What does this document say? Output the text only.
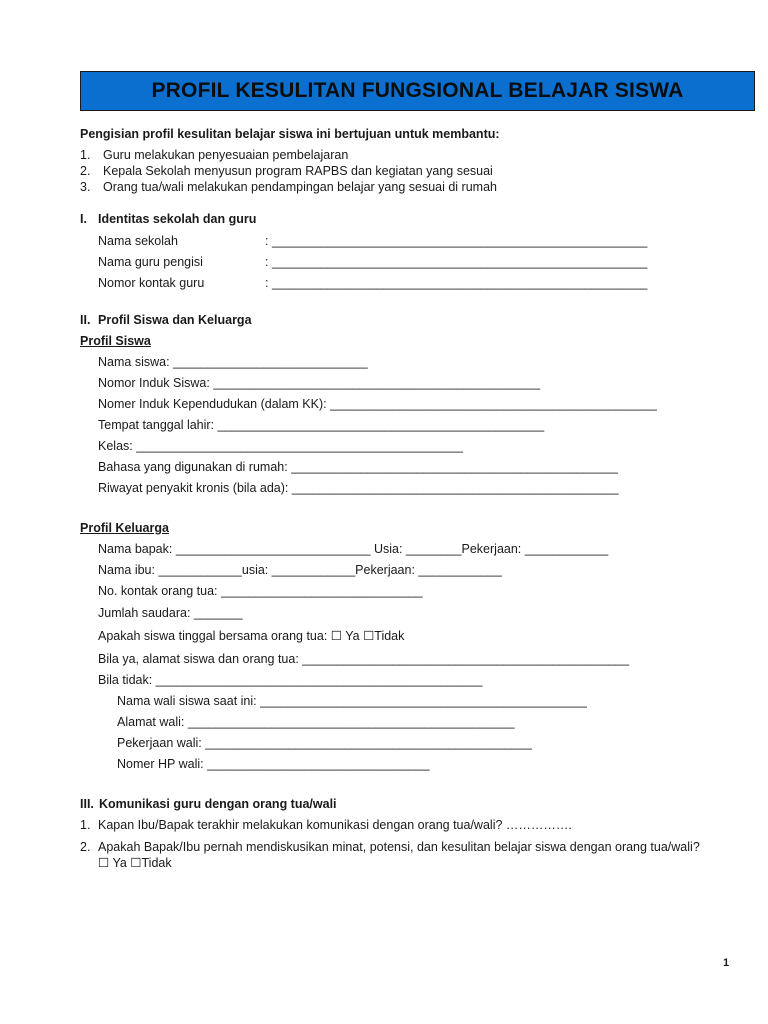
PROFIL KESULITAN FUNGSIONAL BELAJAR SISWA
Pengisian profil kesulitan belajar siswa ini bertujuan untuk membantu:
1. Guru melakukan penyesuaian pembelajaran
2. Kepala Sekolah menyusun program RAPBS dan kegiatan yang sesuai
3. Orang tua/wali melakukan pendampingan belajar yang sesuai di rumah
I. Identitas sekolah dan guru
Nama sekolah	: ______________________________________________________
Nama guru pengisi	: ______________________________________________________
Nomor kontak guru	: ______________________________________________________
II. Profil Siswa dan Keluarga
Profil Siswa
Nama siswa: ____________________________
Nomor Induk Siswa: _______________________________________________
Nomer Induk Kependudukan (dalam KK): _______________________________________________
Tempat tanggal lahir: _______________________________________________
Kelas: _______________________________________________
Bahasa yang digunakan di rumah: _______________________________________________
Riwayat penyakit kronis (bila ada): _______________________________________________
Profil Keluarga
Nama bapak: ____________________________ Usia: ________Pekerjaan: ____________
Nama ibu: ____________usia: ____________Pekerjaan: ____________
No. kontak orang tua: _____________________________
Jumlah saudara: _______
Apakah siswa tinggal bersama orang tua: ☐ Ya ☐Tidak
Bila ya, alamat siswa dan orang tua: _______________________________________________
Bila tidak: _______________________________________________
Nama wali siswa saat ini: _______________________________________________
Alamat wali: _______________________________________________
Pekerjaan wali: _______________________________________________
Nomer HP wali: ________________________________
III. Komunikasi guru dengan orang tua/wali
1. Kapan Ibu/Bapak terakhir melakukan komunikasi dengan orang tua/wali? …………….
2. Apakah Bapak/Ibu pernah mendiskusikan minat, potensi, dan kesulitan belajar siswa dengan orang tua/wali?
☐ Ya ☐Tidak
1
